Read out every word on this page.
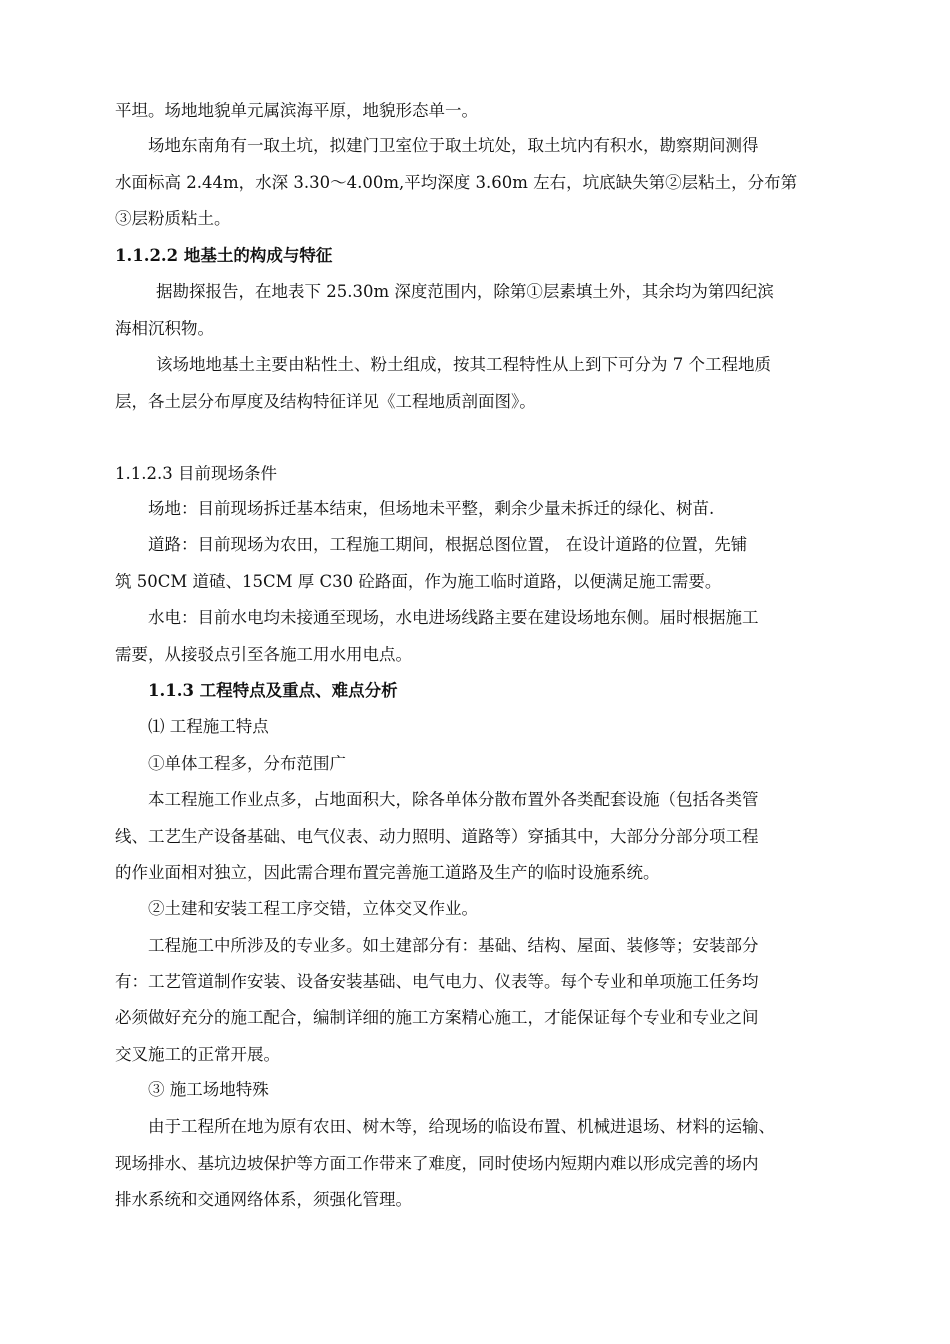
平坦。场地地貌单元属滨海平原，地貌形态单一。
场地东南角有一取土坑，拟建门卫室位于取土坑处，取土坑内有积水，勘察期间测得
水面标高 2.44m，水深 3.30～4.00m,平均深度 3.60m 左右，坑底缺失第②层粘土，分布第
③层粉质粘土。
1.1.2.2 地基土的构成与特征
据勘探报告，在地表下 25.30m 深度范围内，除第①层素填土外，其余均为第四纪滨
海相沉积物。
该场地地基土主要由粘性土、粉土组成，按其工程特性从上到下可分为 7 个工程地质
层，各土层分布厚度及结构特征详见《工程地质剖面图》。
1.1.2.3 目前现场条件
场地：目前现场拆迁基本结束，但场地未平整，剩余少量未拆迁的绿化、树苗.
道路：目前现场为农田，工程施工期间，根据总图位置， 在设计道路的位置，先铺
筑 50CM 道碴、15CM 厚 C30 砼路面，作为施工临时道路，以便满足施工需要。
水电：目前水电均未接通至现场，水电进场线路主要在建设场地东侧。届时根据施工
需要，从接驳点引至各施工用水用电点。
1.1.3 工程特点及重点、难点分析
⑴ 工程施工特点
①单体工程多，分布范围广
本工程施工作业点多，占地面积大，除各单体分散布置外各类配套设施（包括各类管
线、工艺生产设备基础、电气仪表、动力照明、道路等）穿插其中，大部分分部分项工程
的作业面相对独立，因此需合理布置完善施工道路及生产的临时设施系统。
②土建和安装工程工序交错，立体交叉作业。
工程施工中所涉及的专业多。如土建部分有：基础、结构、屋面、装修等；安装部分
有：工艺管道制作安装、设备安装基础、电气电力、仪表等。每个专业和单项施工任务均
必须做好充分的施工配合，编制详细的施工方案精心施工，才能保证每个专业和专业之间
交叉施工的正常开展。
③ 施工场地特殊
由于工程所在地为原有农田、树木等，给现场的临设布置、机械进退场、材料的运输、
现场排水、基坑边坡保护等方面工作带来了难度，同时使场内短期内难以形成完善的场内
排水系统和交通网络体系，须强化管理。
